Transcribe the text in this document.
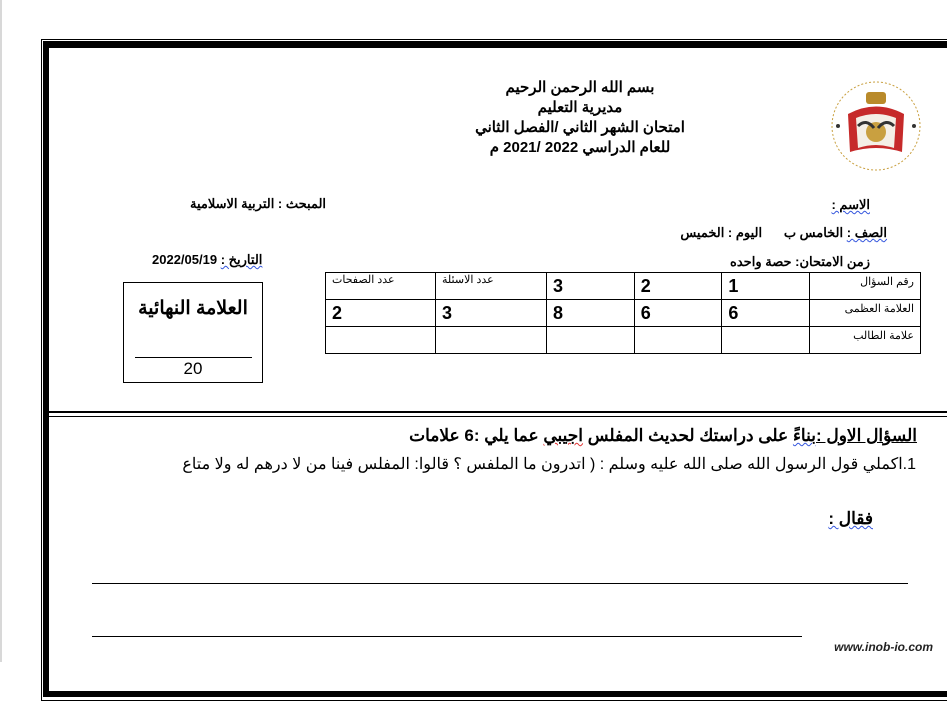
بسم الله الرحمن الرحيم
مديرية التعليم
امتحان الشهر الثاني /الفصل الثاني
للعام الدراسي 2022 /2021 م
الاسم :
المبحث : التربية الاسلامية
الصف : الخامس ب      اليوم : الخميس
زمن الامتحان: حصة واحده
التاريخ : 2022/05/19
رقم السؤال	1	2	3	عدد الاسئلة	عدد الصفحات
العلامة العظمى	6	6	8	3	2
علامة الطالب					
العلامة النهائية
20
السؤال الاول :بناءً على دراستك لحديث المفلس اجيبي عما يلي :6 علامات
1.اكملي قول الرسول الله صلى الله عليه وسلم : ( اتدرون ما الملفس ؟ قالوا: المفلس فينا من لا درهم له ولا متاع
فقال :
www.inob-io.com
